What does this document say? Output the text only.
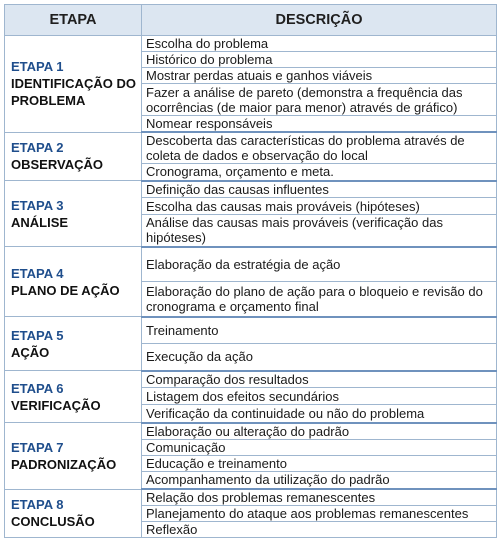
ETAPA	DESCRIÇÃO

ETAPA 1
IDENTIFICAÇÃO DO PROBLEMA	Escolha do problema
	Histórico do problema
	Mostrar perdas atuais e ganhos viáveis
	Fazer a análise de pareto (demonstra a frequência das ocorrências (de maior para menor) através de gráfico)
	Nomear responsáveis

ETAPA 2
OBSERVAÇÃO	Descoberta das características do problema através de coleta de dados e observação do local
	Cronograma, orçamento e meta.

ETAPA 3
ANÁLISE	Definição das causas influentes
	Escolha das causas mais prováveis (hipóteses)
	Análise das causas mais prováveis (verificação das hipóteses)

ETAPA 4
PLANO DE AÇÃO	Elaboração da estratégia de ação
	Elaboração do plano de ação para o bloqueio e revisão do cronograma e orçamento final

ETAPA 5
AÇÃO	Treinamento
	Execução da ação

ETAPA 6
VERIFICAÇÃO	Comparação dos resultados
	Listagem dos efeitos secundários
	Verificação da continuidade ou não do problema

ETAPA 7
PADRONIZAÇÃO	Elaboração ou alteração do padrão
	Comunicação
	Educação e treinamento
	Acompanhamento da utilização do padrão

ETAPA 8
CONCLUSÃO	Relação dos problemas remanescentes
	Planejamento do ataque aos problemas remanescentes
	Reflexão
